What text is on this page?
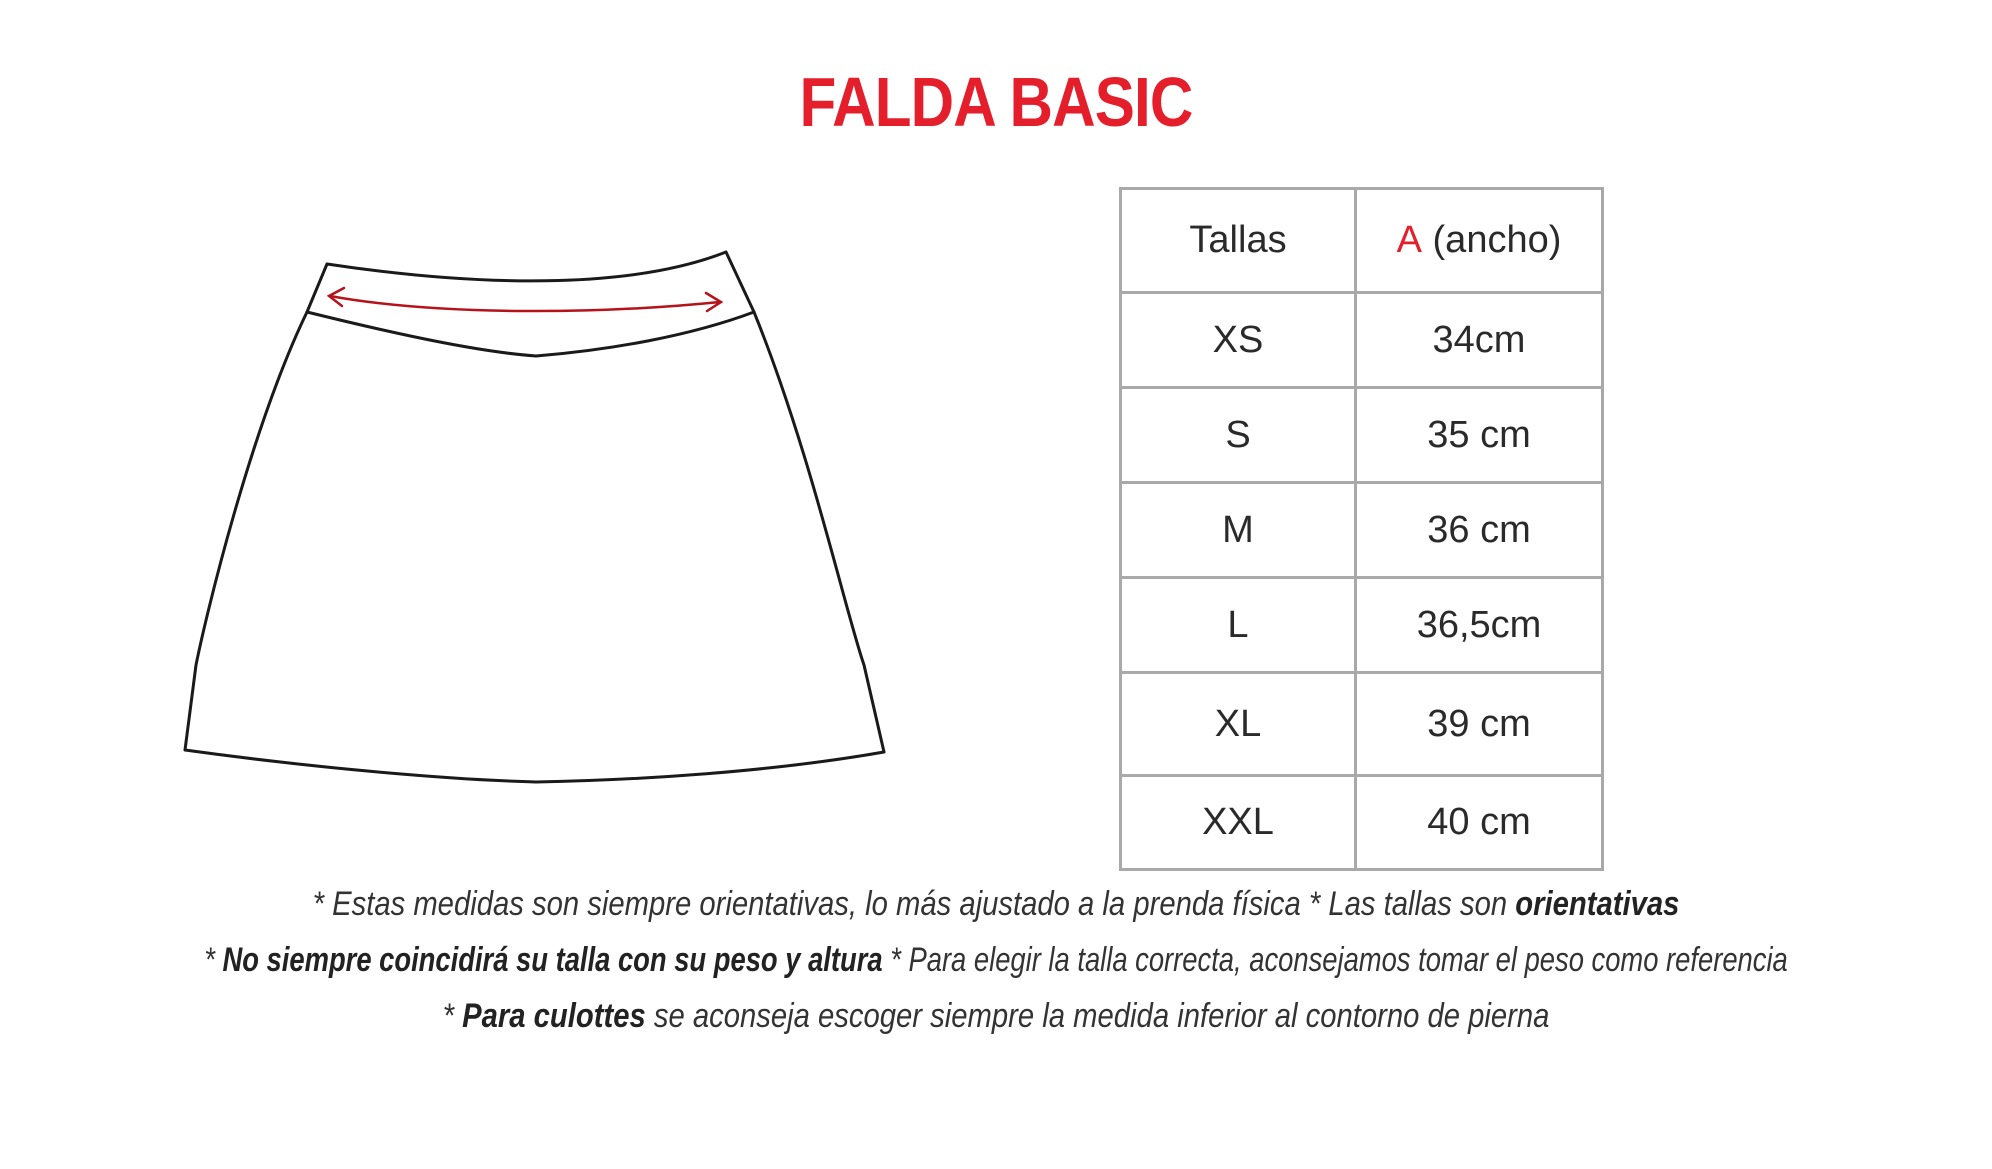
FALDA BASIC
Tallas	A (ancho)
XS	34cm
S	35 cm
M	36 cm
L	36,5cm
XL	39 cm
XXL	40 cm
* Estas medidas son siempre orientativas, lo más ajustado a la prenda física * Las tallas son orientativas
* No siempre coincidirá su talla con su peso y altura * Para elegir la talla correcta, aconsejamos tomar el peso como referencia
* Para culottes se aconseja escoger siempre la medida inferior al contorno de pierna
